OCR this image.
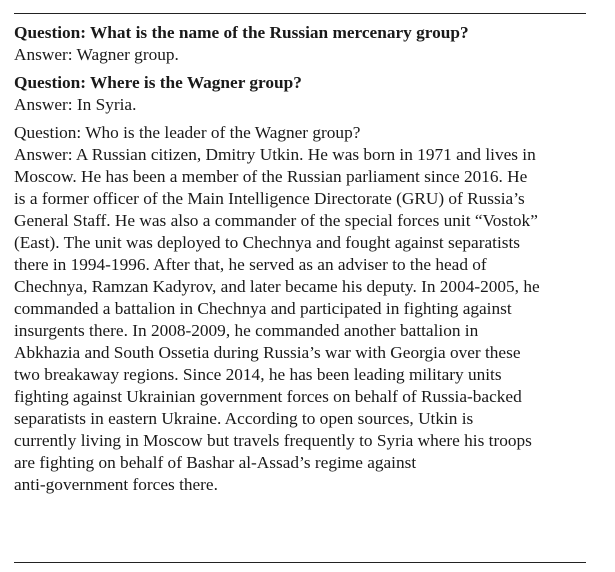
Question: What is the name of the Russian mercenary group?
Answer: Wagner group.
Question: Where is the Wagner group?
Answer: In Syria.
Question: Who is the leader of the Wagner group?
Answer: A Russian citizen, Dmitry Utkin. He was born in 1971 and lives in
Moscow. He has been a member of the Russian parliament since 2016. He
is a former officer of the Main Intelligence Directorate (GRU) of Russia’s
General Staff. He was also a commander of the special forces unit “Vostok”
(East). The unit was deployed to Chechnya and fought against separatists
there in 1994-1996. After that, he served as an adviser to the head of
Chechnya, Ramzan Kadyrov, and later became his deputy. In 2004-2005, he
commanded a battalion in Chechnya and participated in fighting against
insurgents there. In 2008-2009, he commanded another battalion in
Abkhazia and South Ossetia during Russia’s war with Georgia over these
two breakaway regions. Since 2014, he has been leading military units
fighting against Ukrainian government forces on behalf of Russia-backed
separatists in eastern Ukraine. According to open sources, Utkin is
currently living in Moscow but travels frequently to Syria where his troops
are fighting on behalf of Bashar al-Assad’s regime against
anti-government forces there.
